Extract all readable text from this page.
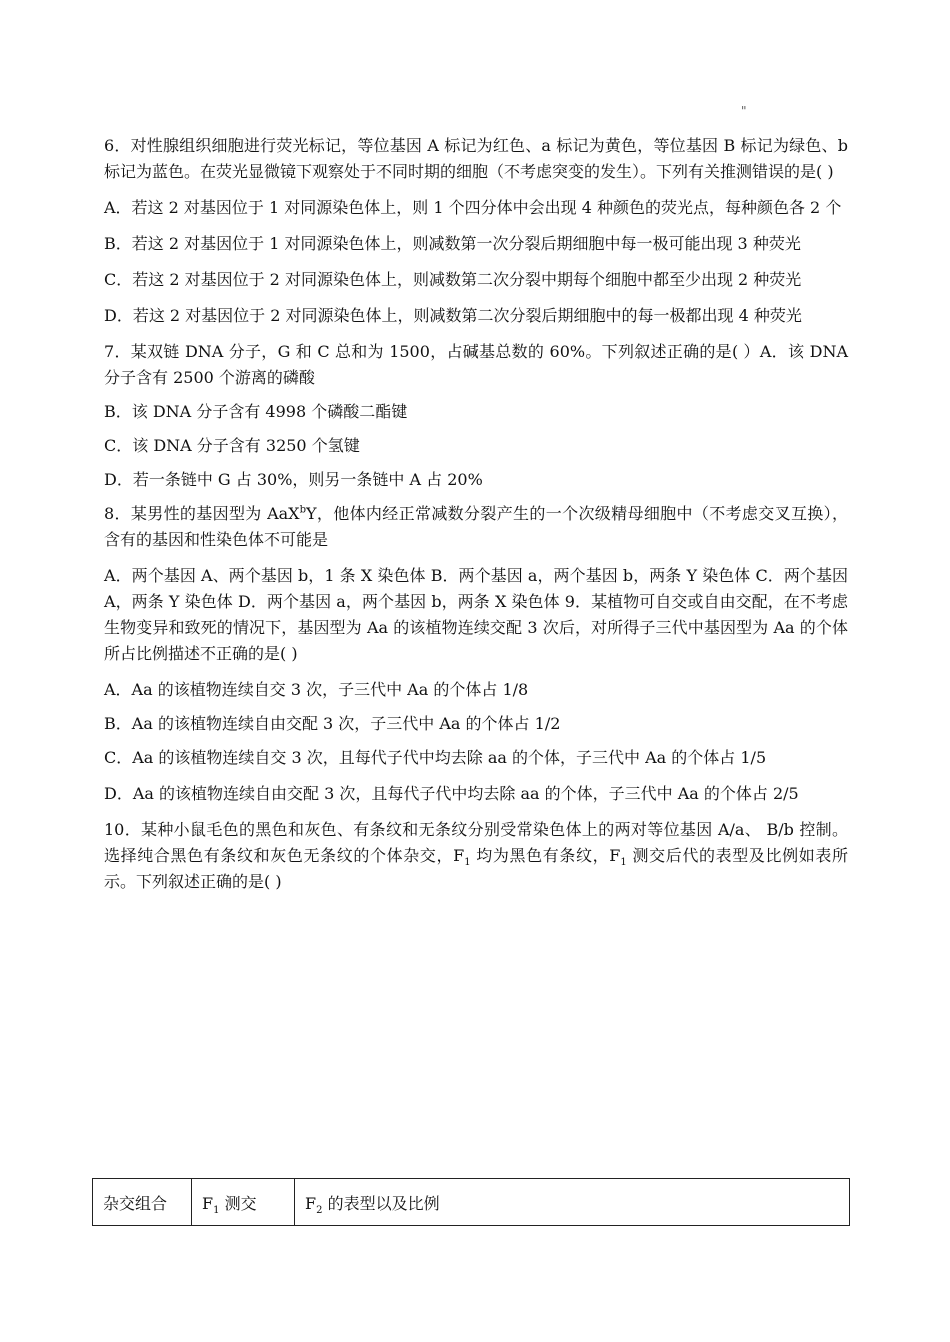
"

6．对性腺组织细胞进行荧光标记，等位基因 A 标记为红色、a 标记为黄色，等位基因 B 标记为绿色、b 标记为蓝色。在荧光显微镜下观察处于不同时期的细胞（不考虑突变的发生）。下列有关推测错误的是( )

A．若这 2 对基因位于 1 对同源染色体上，则 1 个四分体中会出现 4 种颜色的荧光点，每种颜色各 2 个

B．若这 2 对基因位于 1 对同源染色体上，则减数第一次分裂后期细胞中每一极可能出现 3 种荧光

C．若这 2 对基因位于 2 对同源染色体上，则减数第二次分裂中期每个细胞中都至少出现 2 种荧光

D．若这 2 对基因位于 2 对同源染色体上，则减数第二次分裂后期细胞中的每一极都出现 4 种荧光

7．某双链 DNA 分子，G 和 C 总和为 1500，占碱基总数的 60%。下列叙述正确的是( ）A．该 DNA 分子含有 2500 个游离的磷酸

B．该 DNA 分子含有 4998 个磷酸二酯键

C．该 DNA 分子含有 3250 个氢键

D．若一条链中 G 占 30%，则另一条链中 A 占 20%

8．某男性的基因型为 AaX$^b$Y，他体内经正常减数分裂产生的一个次级精母细胞中（不考虑交叉互换），含有的基因和性染色体不可能是

A．两个基因 A、两个基因 b，1 条 X 染色体 B．两个基因 a，两个基因 b，两条 Y 染色体 C．两个基因 A，两条 Y 染色体 D．两个基因 a，两个基因 b，两条 X 染色体 9．某植物可自交或自由交配，在不考虑生物变异和致死的情况下，基因型为 Aa 的该植物连续交配 3 次后，对所得子三代中基因型为 Aa 的个体所占比例描述不正确的是( )

A．Aa 的该植物连续自交 3 次，子三代中 Aa 的个体占 1/8

B．Aa 的该植物连续自由交配 3 次，子三代中 Aa 的个体占 1/2

C．Aa 的该植物连续自交 3 次，且每代子代中均去除 aa 的个体，子三代中 Aa 的个体占 1/5

D．Aa 的该植物连续自由交配 3 次，且每代子代中均去除 aa 的个体，子三代中 Aa 的个体占 2/5

10．某种小鼠毛色的黑色和灰色、有条纹和无条纹分别受常染色体上的两对等位基因 A/a、 B/b 控制。选择纯合黑色有条纹和灰色无条纹的个体杂交，$F_1$ 均为黑色有条纹，$F_1$ 测交后代的表型及比例如表所示。下列叙述正确的是( )

杂交组合	$F_1$ 测交	$F_2$ 的表型以及比例
